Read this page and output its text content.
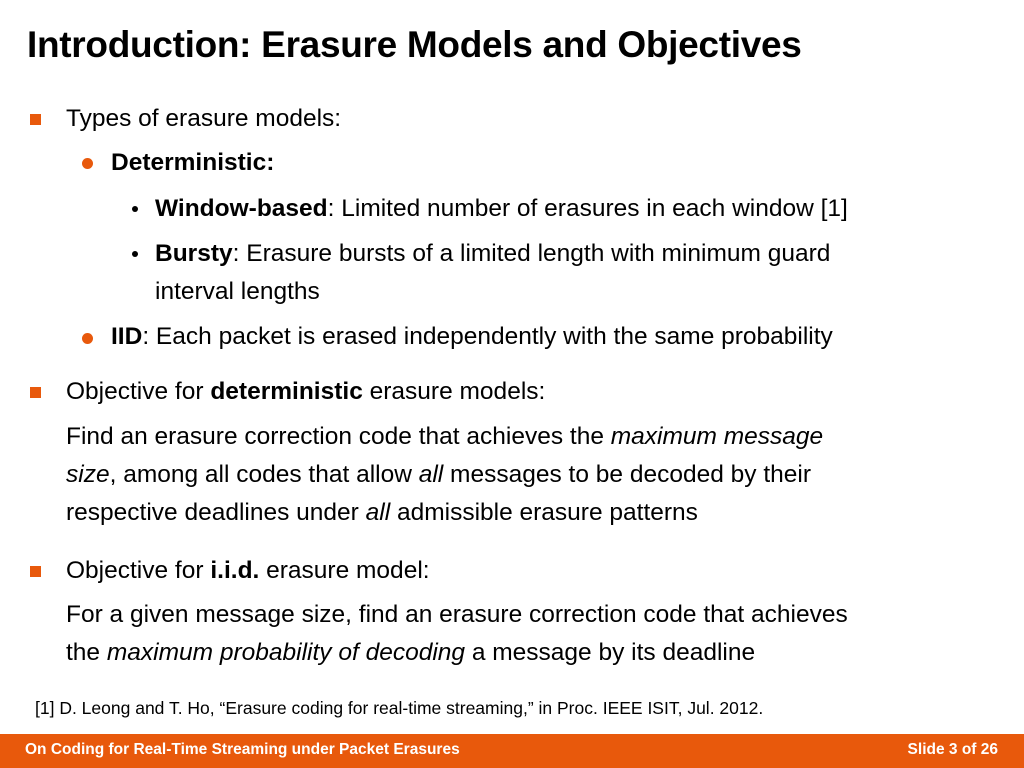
Introduction: Erasure Models and Objectives
Types of erasure models:
Deterministic:
Window-based: Limited number of erasures in each window [1]
Bursty: Erasure bursts of a limited length with minimum guard
interval lengths
IID: Each packet is erased independently with the same probability
Objective for deterministic erasure models:
Find an erasure correction code that achieves the maximum message
size, among all codes that allow all messages to be decoded by their
respective deadlines under all admissible erasure patterns
Objective for i.i.d. erasure model:
For a given message size, find an erasure correction code that achieves
the maximum probability of decoding a message by its deadline
[1] D. Leong and T. Ho, “Erasure coding for real-time streaming,” in Proc. IEEE ISIT, Jul. 2012.
On Coding for Real-Time Streaming under Packet Erasures	Slide 3 of 26
